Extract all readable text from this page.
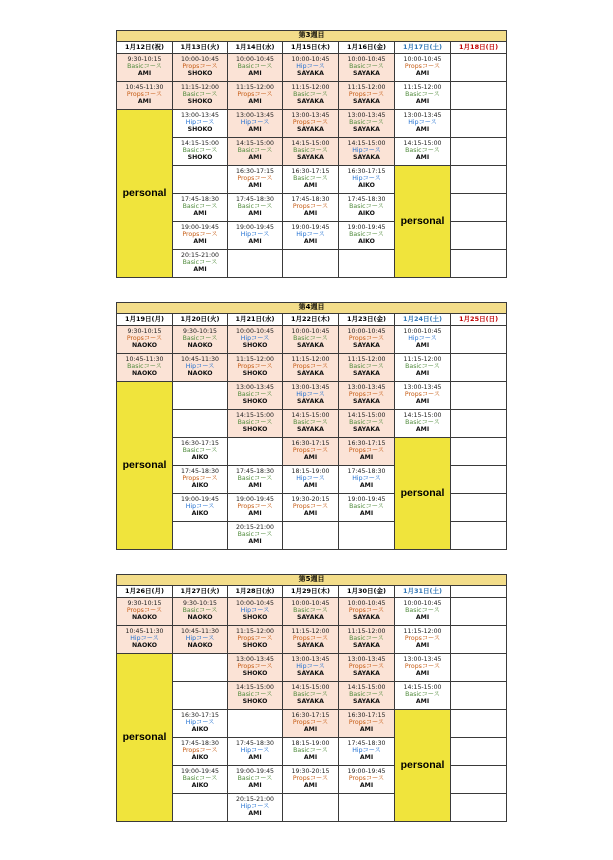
第3週目						
1月12日(祝)	1月13日(火)	1月14日(水)	1月15日(木)	1月16日(金)	1月17日(土)	1月18日(日)

9:30-10:15
Basicコース
AMI	10:00-10:45
Propsコース
SHOKO	10:00-10:45
Basicコース
AMI	10:00-10:45
Hipコース
SAYAKA	10:00-10:45
Basicコース
SAYAKA	10:00-10:45
Propsコース
AMI	

10:45-11:30
Propsコース
AMI	11:15-12:00
Basicコース
SHOKO	11:15-12:00
Propsコース
AMI	11:15-12:00
Basicコース
SAYAKA	11:15-12:00
Propsコース
SAYAKA	11:15-12:00
Basicコース
AMI	

personal	13:00-13:45
Hipコース
SHOKO	13:00-13:45
Hipコース
AMI	13:00-13:45
Propsコース
SAYAKA	13:00-13:45
Basicコース
SAYAKA	13:00-13:45
Hipコース
AMI	

	14:15-15:00
Basicコース
SHOKO	14:15-15:00
Basicコース
AMI	14:15-15:00
Basicコース
SAYAKA	14:15-15:00
Hipコース
SAYAKA	14:15-15:00
Basicコース
AMI	

		16:30-17:15
Propsコース
AMI	16:30-17:15
Basicコース
AMI	16:30-17:15
Hipコース
AIKO	personal	

	17:45-18:30
Basicコース
AMI	17:45-18:30
Basicコース
AMI	17:45-18:30
Propsコース
AMI	17:45-18:30
Basicコース
AIKO		

	19:00-19:45
Propsコース
AMI	19:00-19:45
Hipコース
AMI	19:00-19:45
Hipコース
AMI	19:00-19:45
Basicコース
AIKO		

	20:15-21:00
Basicコース
AMI					

第4週目						
1月19日(月)	1月20日(火)	1月21日(水)	1月22日(木)	1月23日(金)	1月24日(土)	1月25日(日)

9:30-10:15
Propsコース
NAOKO	9:30-10:15
Basicコース
NAOKO	10:00-10:45
Hipコース
SHOKO	10:00-10:45
Basicコース
SAYAKA	10:00-10:45
Propsコース
SAYAKA	10:00-10:45
Hipコース
AMI	

10:45-11:30
Basicコース
NAOKO	10:45-11:30
Hipコース
NAOKO	11:15-12:00
Propsコース
SHOKO	11:15-12:00
Propsコース
SAYAKA	11:15-12:00
Basicコース
SAYAKA	11:15-12:00
Basicコース
AMI	

personal		13:00-13:45
Basicコース
SHOKO	13:00-13:45
Hipコース
SAYAKA	13:00-13:45
Propsコース
SAYAKA	13:00-13:45
Propsコース
AMI	

		14:15-15:00
Basicコース
SHOKO	14:15-15:00
Basicコース
SAYAKA	14:15-15:00
Basicコース
SAYAKA	14:15-15:00
Basicコース
AMI	

	16:30-17:15
Basicコース
AIKO		16:30-17:15
Propsコース
AMI	16:30-17:15
Propsコース
AMI	personal	

	17:45-18:30
Propsコース
AIKO	17:45-18:30
Basicコース
AMI	18:15-19:00
Hipコース
AMI	17:45-18:30
Hipコース
AMI		

	19:00-19:45
Hipコース
AIKO	19:00-19:45
Propsコース
AMI	19:30-20:15
Propsコース
AMI	19:00-19:45
Basicコース
AMI		

		20:15-21:00
Basicコース
AMI				

第5週目						
1月26日(月)	1月27日(火)	1月28日(水)	1月29日(木)	1月30日(金)	1月31日(土)	

9:30-10:15
Propsコース
NAOKO	9:30-10:15
Basicコース
NAOKO	10:00-10:45
Hipコース
SHOKO	10:00-10:45
Basicコース
SAYAKA	10:00-10:45
Propsコース
SAYAKA	10:00-10:45
Basicコース
AMI	

10:45-11:30
Hipコース
NAOKO	10:45-11:30
Hipコース
NAOKO	11:15-12:00
Propsコース
SHOKO	11:15-12:00
Propsコース
SAYAKA	11:15-12:00
Basicコース
SAYAKA	11:15-12:00
Propsコース
AMI	

personal		13:00-13:45
Propsコース
SHOKO	13:00-13:45
Hipコース
SAYAKA	13:00-13:45
Propsコース
SAYAKA	13:00-13:45
Propsコース
AMI	

		14:15-15:00
Basicコース
SHOKO	14:15-15:00
Basicコース
SAYAKA	14:15-15:00
Basicコース
SAYAKA	14:15-15:00
Basicコース
AMI	

	16:30-17:15
Hipコース
AIKO		16:30-17:15
Propsコース
AMI	16:30-17:15
Propsコース
AMI	personal	

	17:45-18:30
Propsコース
AIKO	17:45-18:30
Hipコース
AMI	18:15-19:00
Basicコース
AMI	17:45-18:30
Hipコース
AMI		

	19:00-19:45
Basicコース
AIKO	19:00-19:45
Basicコース
AMI	19:30-20:15
Propsコース
AMI	19:00-19:45
Propsコース
AMI		

		20:15-21:00
Hipコース
AMI				
